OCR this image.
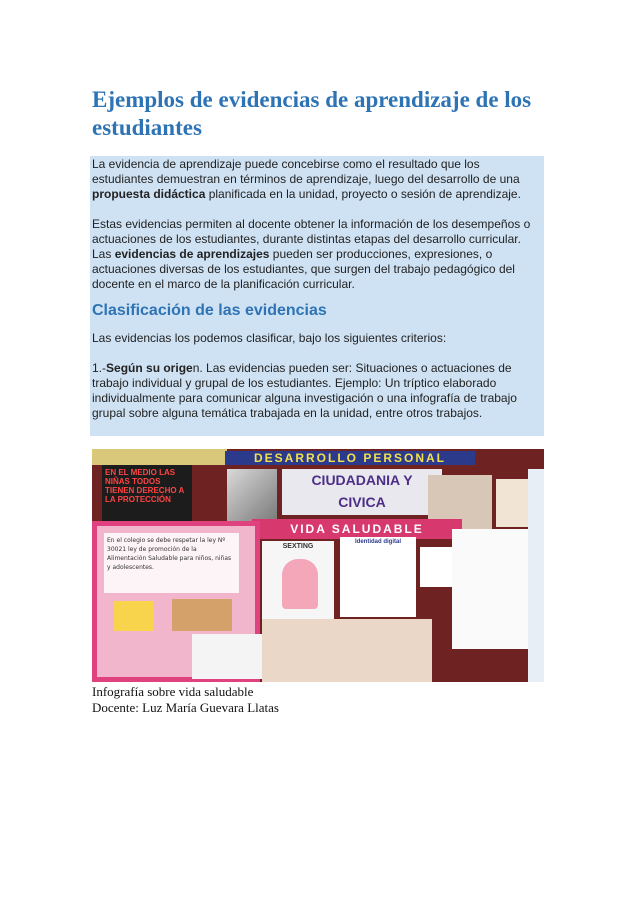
Ejemplos de evidencias de aprendizaje de los estudiantes

La evidencia de aprendizaje puede concebirse como el resultado que los estudiantes demuestran en términos de aprendizaje, luego del desarrollo de una propuesta didáctica planificada en la unidad, proyecto o sesión de aprendizaje.

Estas evidencias permiten al docente obtener la información de los desempeños o actuaciones de los estudiantes, durante distintas etapas del desarrollo curricular. Las evidencias de aprendizajes pueden ser producciones, expresiones, o actuaciones diversas de los estudiantes, que surgen del trabajo pedagógico del docente en el marco de la planificación curricular.

Clasificación de las evidencias

Las evidencias los podemos clasificar, bajo los siguientes criterios:

1.-Según su origen. Las evidencias pueden ser: Situaciones o actuaciones de trabajo individual y grupal de los estudiantes. Ejemplo: Un tríptico elaborado individualmente para comunicar alguna investigación o una infografía de trabajo grupal sobre alguna temática trabajada en la unidad, entre otros trabajos.

EN EL MEDIO LAS NIÑAS TODOS TIENEN DERECHO A LA PROTECCIÓN
DESARROLLO PERSONAL
CIUDADANIA Y
CIVICA
VIDA SALUDABLE
En el colegio se debe respetar la ley Nº 30021 ley de promoción de la Alimentación Saludable para niños, niñas y adolescentes.
SEXTING
Identidad digital

Infografía sobre vida saludable
Docente: Luz María Guevara Llatas
